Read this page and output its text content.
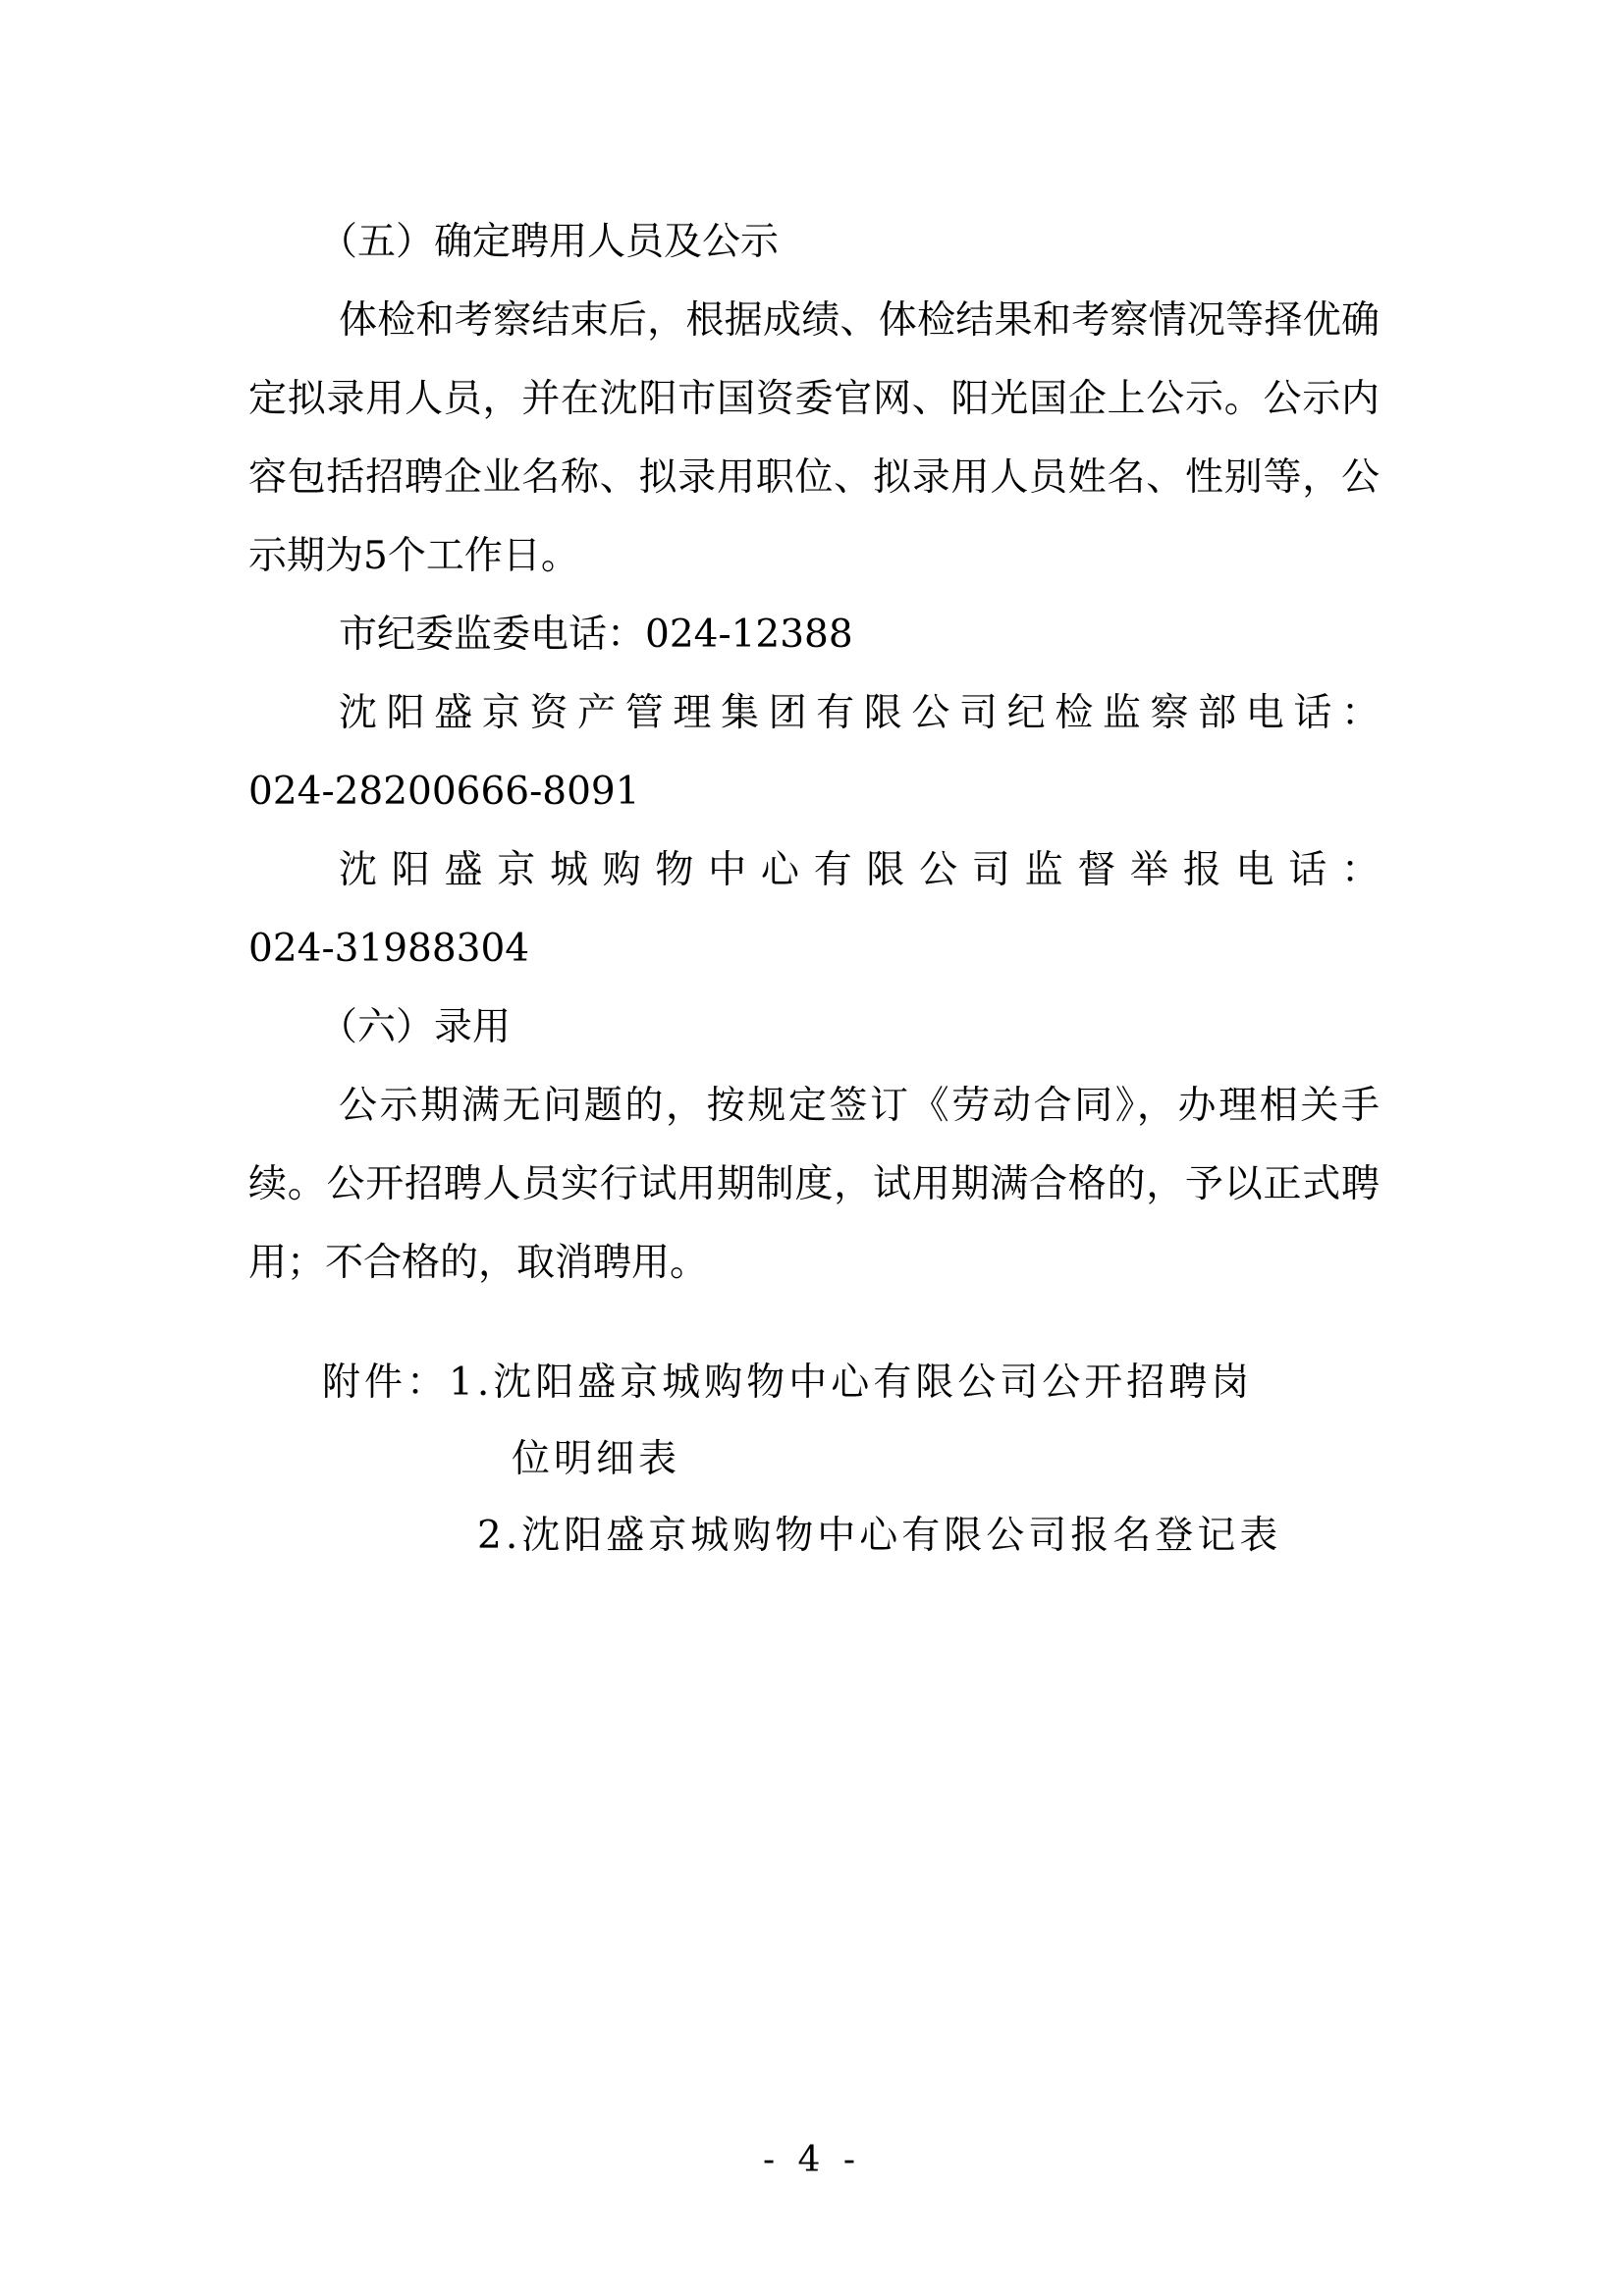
（五）确定聘用人员及公示

体检和考察结束后，根据成绩、体检结果和考察情况等择优确定拟录用人员，并在沈阳市国资委官网、阳光国企上公示。公示内容包括招聘企业名称、拟录用职位、拟录用人员姓名、性别等，公示期为5个工作日。

市纪委监委电话：024-12388

沈阳盛京资产管理集团有限公司纪检监察部电话：

024-28200666-8091

沈阳盛京城购物中心有限公司监督举报电话：

024-31988304

（六）录用

公示期满无问题的，按规定签订《劳动合同》，办理相关手续。公开招聘人员实行试用期制度，试用期满合格的，予以正式聘用；不合格的，取消聘用。

附件：1.沈阳盛京城购物中心有限公司公开招聘岗

位明细表

2.沈阳盛京城购物中心有限公司报名登记表

- 4 -
